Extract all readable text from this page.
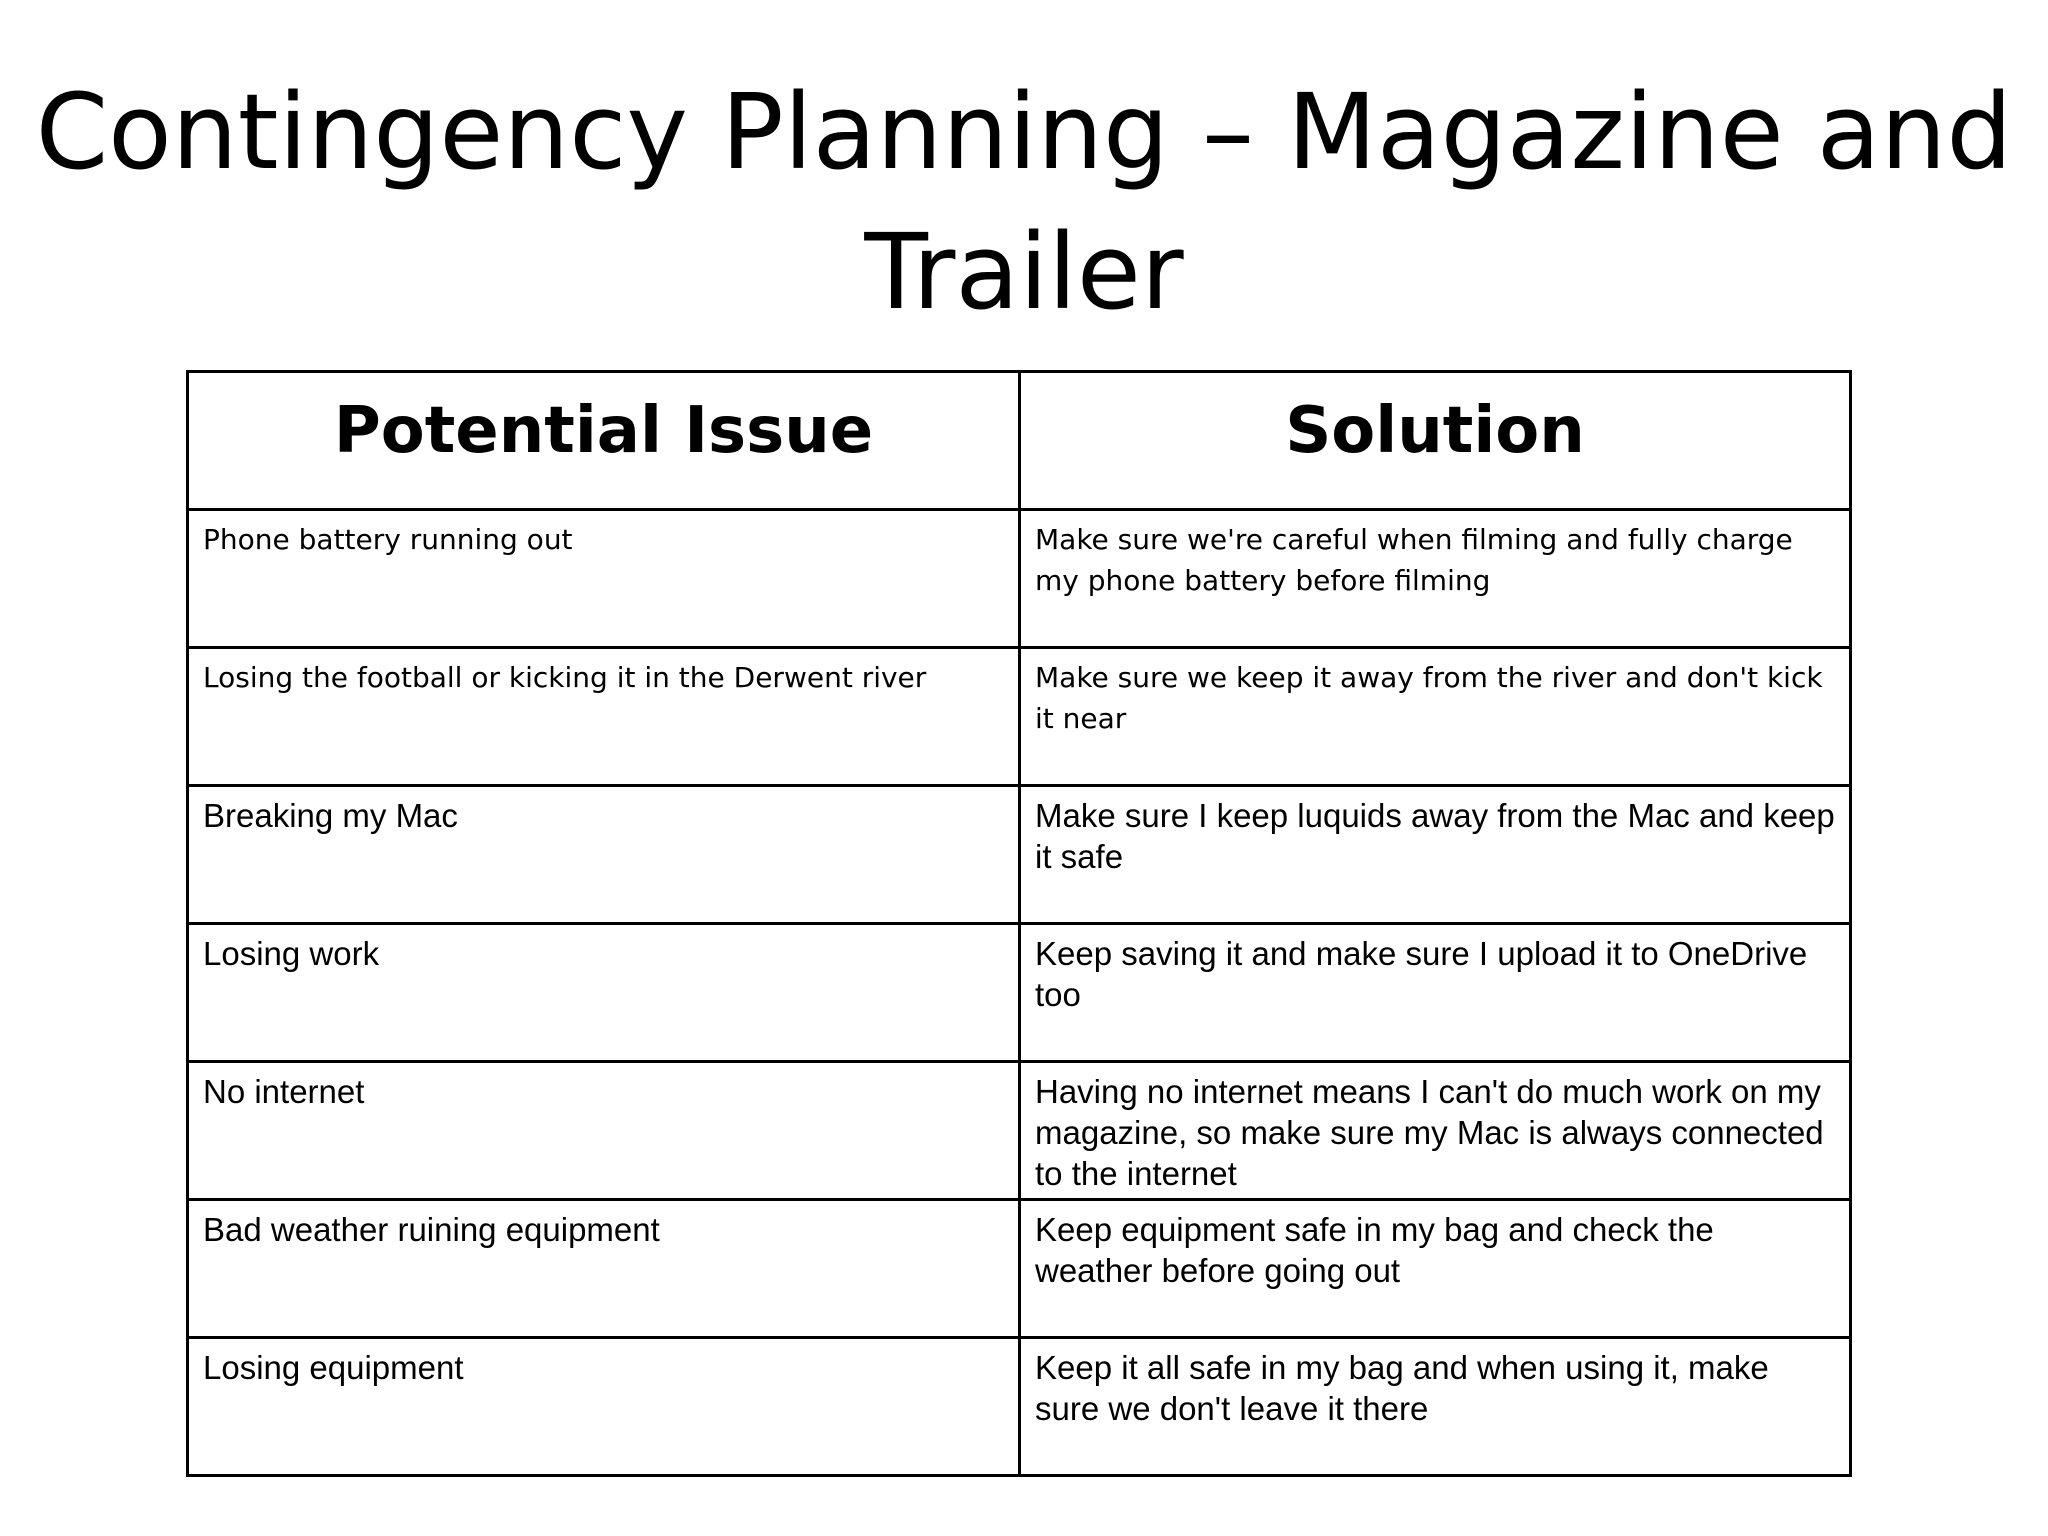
Contingency Planning – Magazine and
Trailer
Potential Issue	Solution
Phone battery running out	Make sure we're careful when filming and fully charge my phone battery before filming
Losing the football or kicking it in the Derwent river	Make sure we keep it away from the river and don't kick it near
Breaking my Mac	Make sure I keep luquids away from the Mac and keep it safe
Losing work	Keep saving it and make sure I upload it to OneDrive too
No internet	Having no internet means I can't do much work on my magazine, so make sure my Mac is always connected to the internet
Bad weather ruining equipment	Keep equipment safe in my bag and check the weather before going out
Losing equipment	Keep it all safe in my bag and when using it, make sure we don't leave it there
